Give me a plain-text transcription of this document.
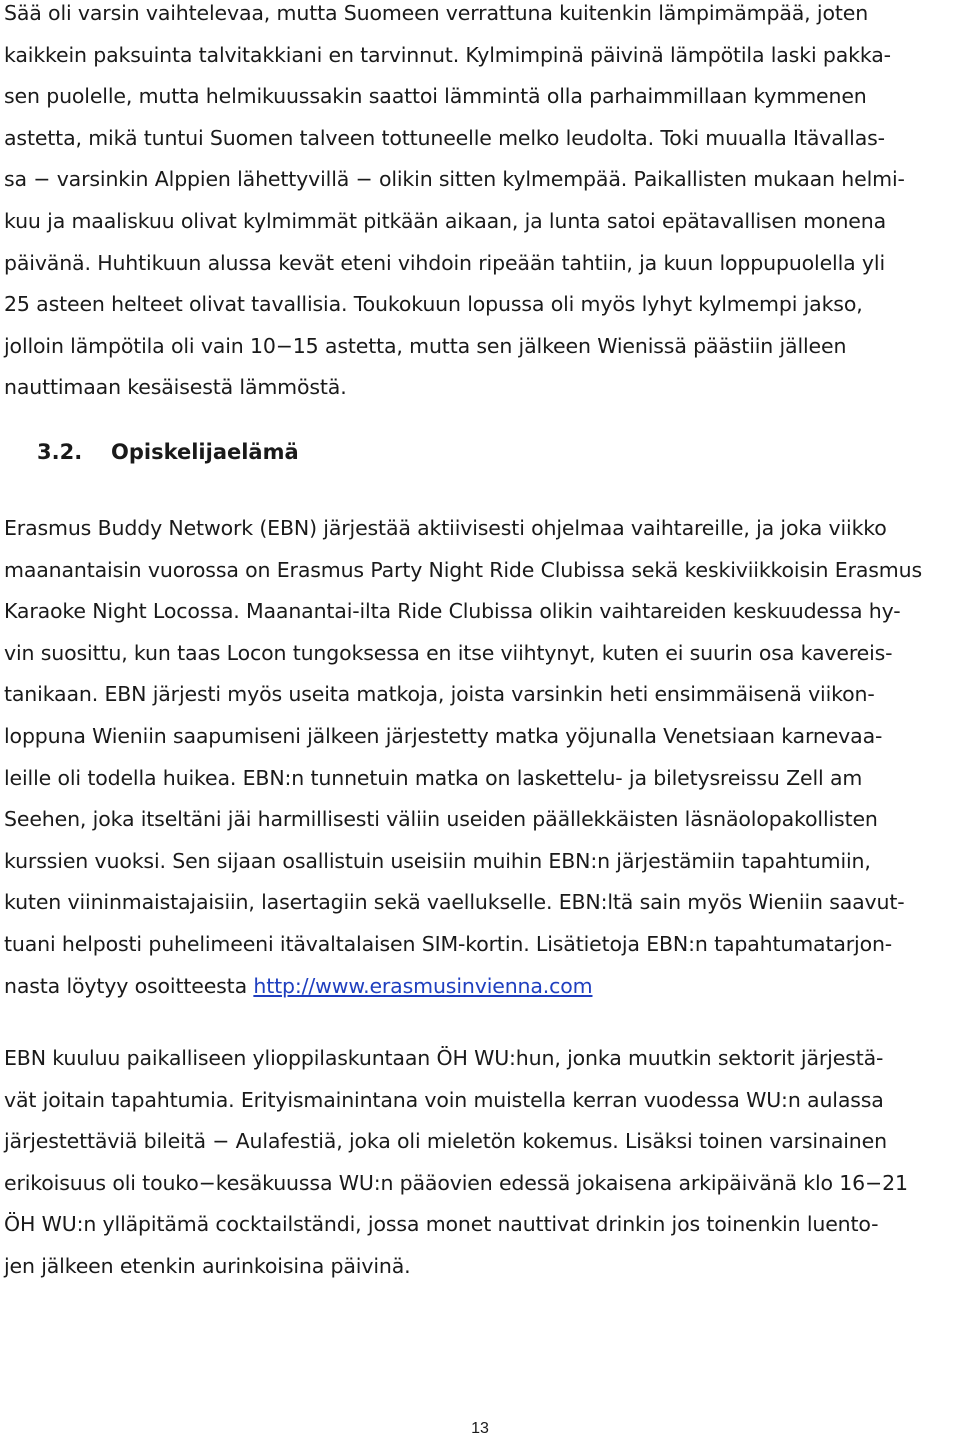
Sää oli varsin vaihtelevaa, mutta Suomeen verrattuna kuitenkin lämpimämpää, joten
kaikkein paksuinta talvitakkiani en tarvinnut. Kylmimpinä päivinä lämpötila laski pakka-
sen puolelle, mutta helmikuussakin saattoi lämmintä olla parhaimmillaan kymmenen
astetta, mikä tuntui Suomen talveen tottuneelle melko leudolta. Toki muualla Itävallas-
sa − varsinkin Alppien lähettyvillä − olikin sitten kylmempää. Paikallisten mukaan helmi-
kuu ja maaliskuu olivat kylmimmät pitkään aikaan, ja lunta satoi epätavallisen monena
päivänä. Huhtikuun alussa kevät eteni vihdoin ripeään tahtiin, ja kuun loppupuolella yli
25 asteen helteet olivat tavallisia. Toukokuun lopussa oli myös lyhyt kylmempi jakso,
jolloin lämpötila oli vain 10−15 astetta, mutta sen jälkeen Wienissä päästiin jälleen
nauttimaan kesäisestä lämmöstä.
3.2. Opiskelijaelämä
Erasmus Buddy Network (EBN) järjestää aktiivisesti ohjelmaa vaihtareille, ja joka viikko
maanantaisin vuorossa on Erasmus Party Night Ride Clubissa sekä keskiviikkoisin Erasmus
Karaoke Night Locossa. Maanantai-ilta Ride Clubissa olikin vaihtareiden keskuudessa hy-
vin suosittu, kun taas Locon tungoksessa en itse viihtynyt, kuten ei suurin osa kavereis-
tanikaan. EBN järjesti myös useita matkoja, joista varsinkin heti ensimmäisenä viikon-
loppuna Wieniin saapumiseni jälkeen järjestetty matka yöjunalla Venetsiaan karnevaa-
leille oli todella huikea. EBN:n tunnetuin matka on laskettelu- ja biletysreissu Zell am
Seehen, joka itseltäni jäi harmillisesti väliin useiden päällekkäisten läsnäolopakollisten
kurssien vuoksi. Sen sijaan osallistuin useisiin muihin EBN:n järjestämiin tapahtumiin,
kuten viininmaistajaisiin, lasertagiin sekä vaellukselle. EBN:ltä sain myös Wieniin saavut-
tuani helposti puhelimeeni itävaltalaisen SIM-kortin. Lisätietoja EBN:n tapahtumatarjon-
nasta löytyy osoitteesta http://www.erasmusinvienna.com
EBN kuuluu paikalliseen ylioppilaskuntaan ÖH WU:hun, jonka muutkin sektorit järjestä-
vät joitain tapahtumia. Erityismainintana voin muistella kerran vuodessa WU:n aulassa
järjestettäviä bileitä − Aulafestiä, joka oli mieletön kokemus. Lisäksi toinen varsinainen
erikoisuus oli touko−kesäkuussa WU:n pääovien edessä jokaisena arkipäivänä klo 16−21
ÖH WU:n ylläpitämä cocktailständi, jossa monet nauttivat drinkin jos toinenkin luento-
jen jälkeen etenkin aurinkoisina päivinä.
13
